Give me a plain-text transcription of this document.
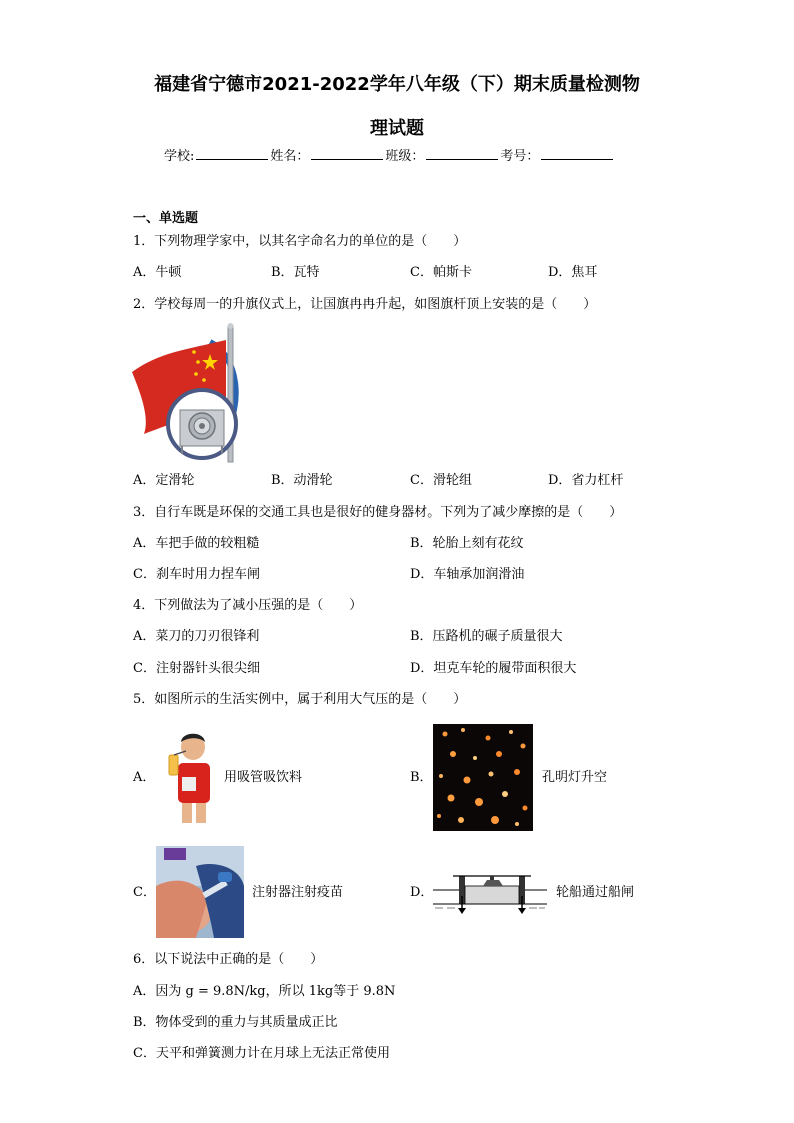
福建省宁德市2021-2022学年八年级（下）期末质量检测物
理试题
学校:	姓名：	班级：	考号：
一、单选题
1．下列物理学家中，以其名字命名力的单位的是（　　）
A．牛顿	B．瓦特	C．帕斯卡	D．焦耳
2．学校每周一的升旗仪式上，让国旗冉冉升起，如图旗杆顶上安装的是（　　）
A．定滑轮	B．动滑轮	C．滑轮组	D．省力杠杆
3．自行车既是环保的交通工具也是很好的健身器材。下列为了减少摩擦的是（　　）
A．车把手做的较粗糙	B．轮胎上刻有花纹
C．刹车时用力捏车闸	D．车轴承加润滑油
4．下列做法为了减小压强的是（　　）
A．菜刀的刀刃很锋利	B．压路机的碾子质量很大
C．注射器针头很尖细	D．坦克车轮的履带面积很大
5．如图所示的生活实例中，属于利用大气压的是（　　）
A．	用吸管吸饮料	B．	孔明灯升空
C．	注射器注射疫苗	D．	轮船通过船闸
6．以下说法中正确的是（　　）
A．因为 g = 9.8N/kg，所以 1kg等于 9.8N
B．物体受到的重力与其质量成正比
C．天平和弹簧测力计在月球上无法正常使用
